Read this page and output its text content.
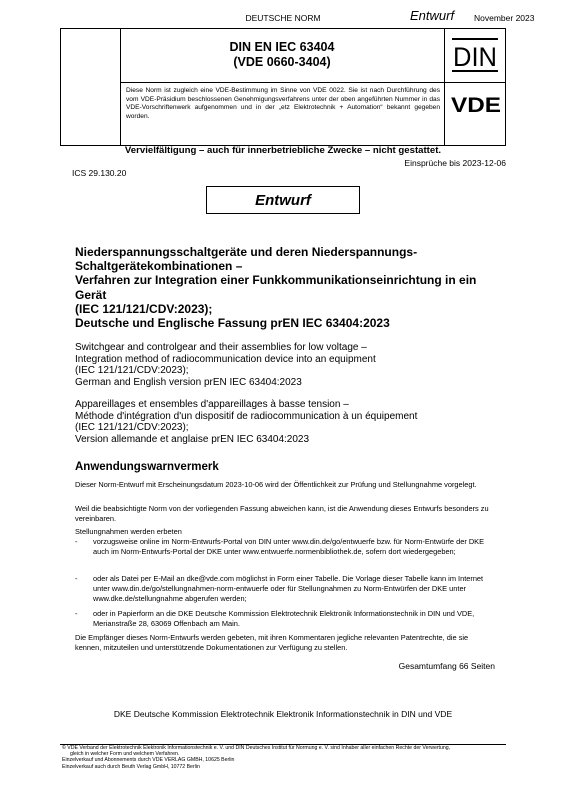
DEUTSCHE NORM	Entwurf November 2023
DIN EN IEC 63404
(VDE 0660-3404)
Diese Norm ist zugleich eine VDE-Bestimmung im Sinne von VDE 0022. Sie ist nach Durchführung des vom VDE-Präsidium beschlossenen Genehmigungsverfahrens unter der oben angeführten Nummer in das VDE-Vorschriftenwerk aufgenommen und in der „etz Elektrotechnik + Automation“ bekannt gegeben worden.
DIN
VDE
Vervielfältigung – auch für innerbetriebliche Zwecke – nicht gestattet.
Einsprüche bis 2023-12-06
ICS 29.130.20
Entwurf
Niederspannungsschaltgeräte und deren Niederspannungs-
Schaltgerätekombinationen –
Verfahren zur Integration einer Funkkommunikationseinrichtung in ein
Gerät
(IEC 121/121/CDV:2023);
Deutsche und Englische Fassung prEN IEC 63404:2023
Switchgear and controlgear and their assemblies for low voltage –
Integration method of radiocommunication device into an equipment
(IEC 121/121/CDV:2023);
German and English version prEN IEC 63404:2023
Appareillages et ensembles d'appareillages à basse tension –
Méthode d'intégration d'un dispositif de radiocommunication à un équipement
(IEC 121/121/CDV:2023);
Version allemande et anglaise prEN IEC 63404:2023
Anwendungswarnvermerk
Dieser Norm-Entwurf mit Erscheinungsdatum 2023-10-06 wird der Öffentlichkeit zur Prüfung und Stellungnahme vorgelegt.
Weil die beabsichtigte Norm von der vorliegenden Fassung abweichen kann, ist die Anwendung dieses Entwurfs besonders zu vereinbaren.
Stellungnahmen werden erbeten
- vorzugsweise online im Norm-Entwurfs-Portal von DIN unter www.din.de/go/entwuerfe bzw. für Norm-Entwürfe der DKE auch im Norm-Entwurfs-Portal der DKE unter www.entwuerfe.normenbibliothek.de, sofern dort wiedergegeben;
- oder als Datei per E-Mail an dke@vde.com möglichst in Form einer Tabelle. Die Vorlage dieser Tabelle kann im Internet unter www.din.de/go/stellungnahmen-norm-entwuerfe oder für Stellungnahmen zu Norm-Entwürfen der DKE unter www.dke.de/stellungnahme abgerufen werden;
- oder in Papierform an die DKE Deutsche Kommission Elektrotechnik Elektronik Informationstechnik in DIN und VDE, Merianstraße 28, 63069 Offenbach am Main.
Die Empfänger dieses Norm-Entwurfs werden gebeten, mit ihren Kommentaren jegliche relevanten Patentrechte, die sie kennen, mitzuteilen und unterstützende Dokumentationen zur Verfügung zu stellen.
Gesamtumfang 66 Seiten
DKE Deutsche Kommission Elektrotechnik Elektronik Informationstechnik in DIN und VDE
© VDE Verband der Elektrotechnik Elektronik Informationstechnik e. V. und DIN Deutsches Institut für Normung e. V. sind Inhaber aller einfachen Rechte der Verwertung,
gleich in welcher Form und welchem Verfahren.
Einzelverkauf und Abonnements durch VDE VERLAG GMBH, 10625 Berlin
Einzelverkauf auch durch Beuth Verlag GmbH, 10772 Berlin
